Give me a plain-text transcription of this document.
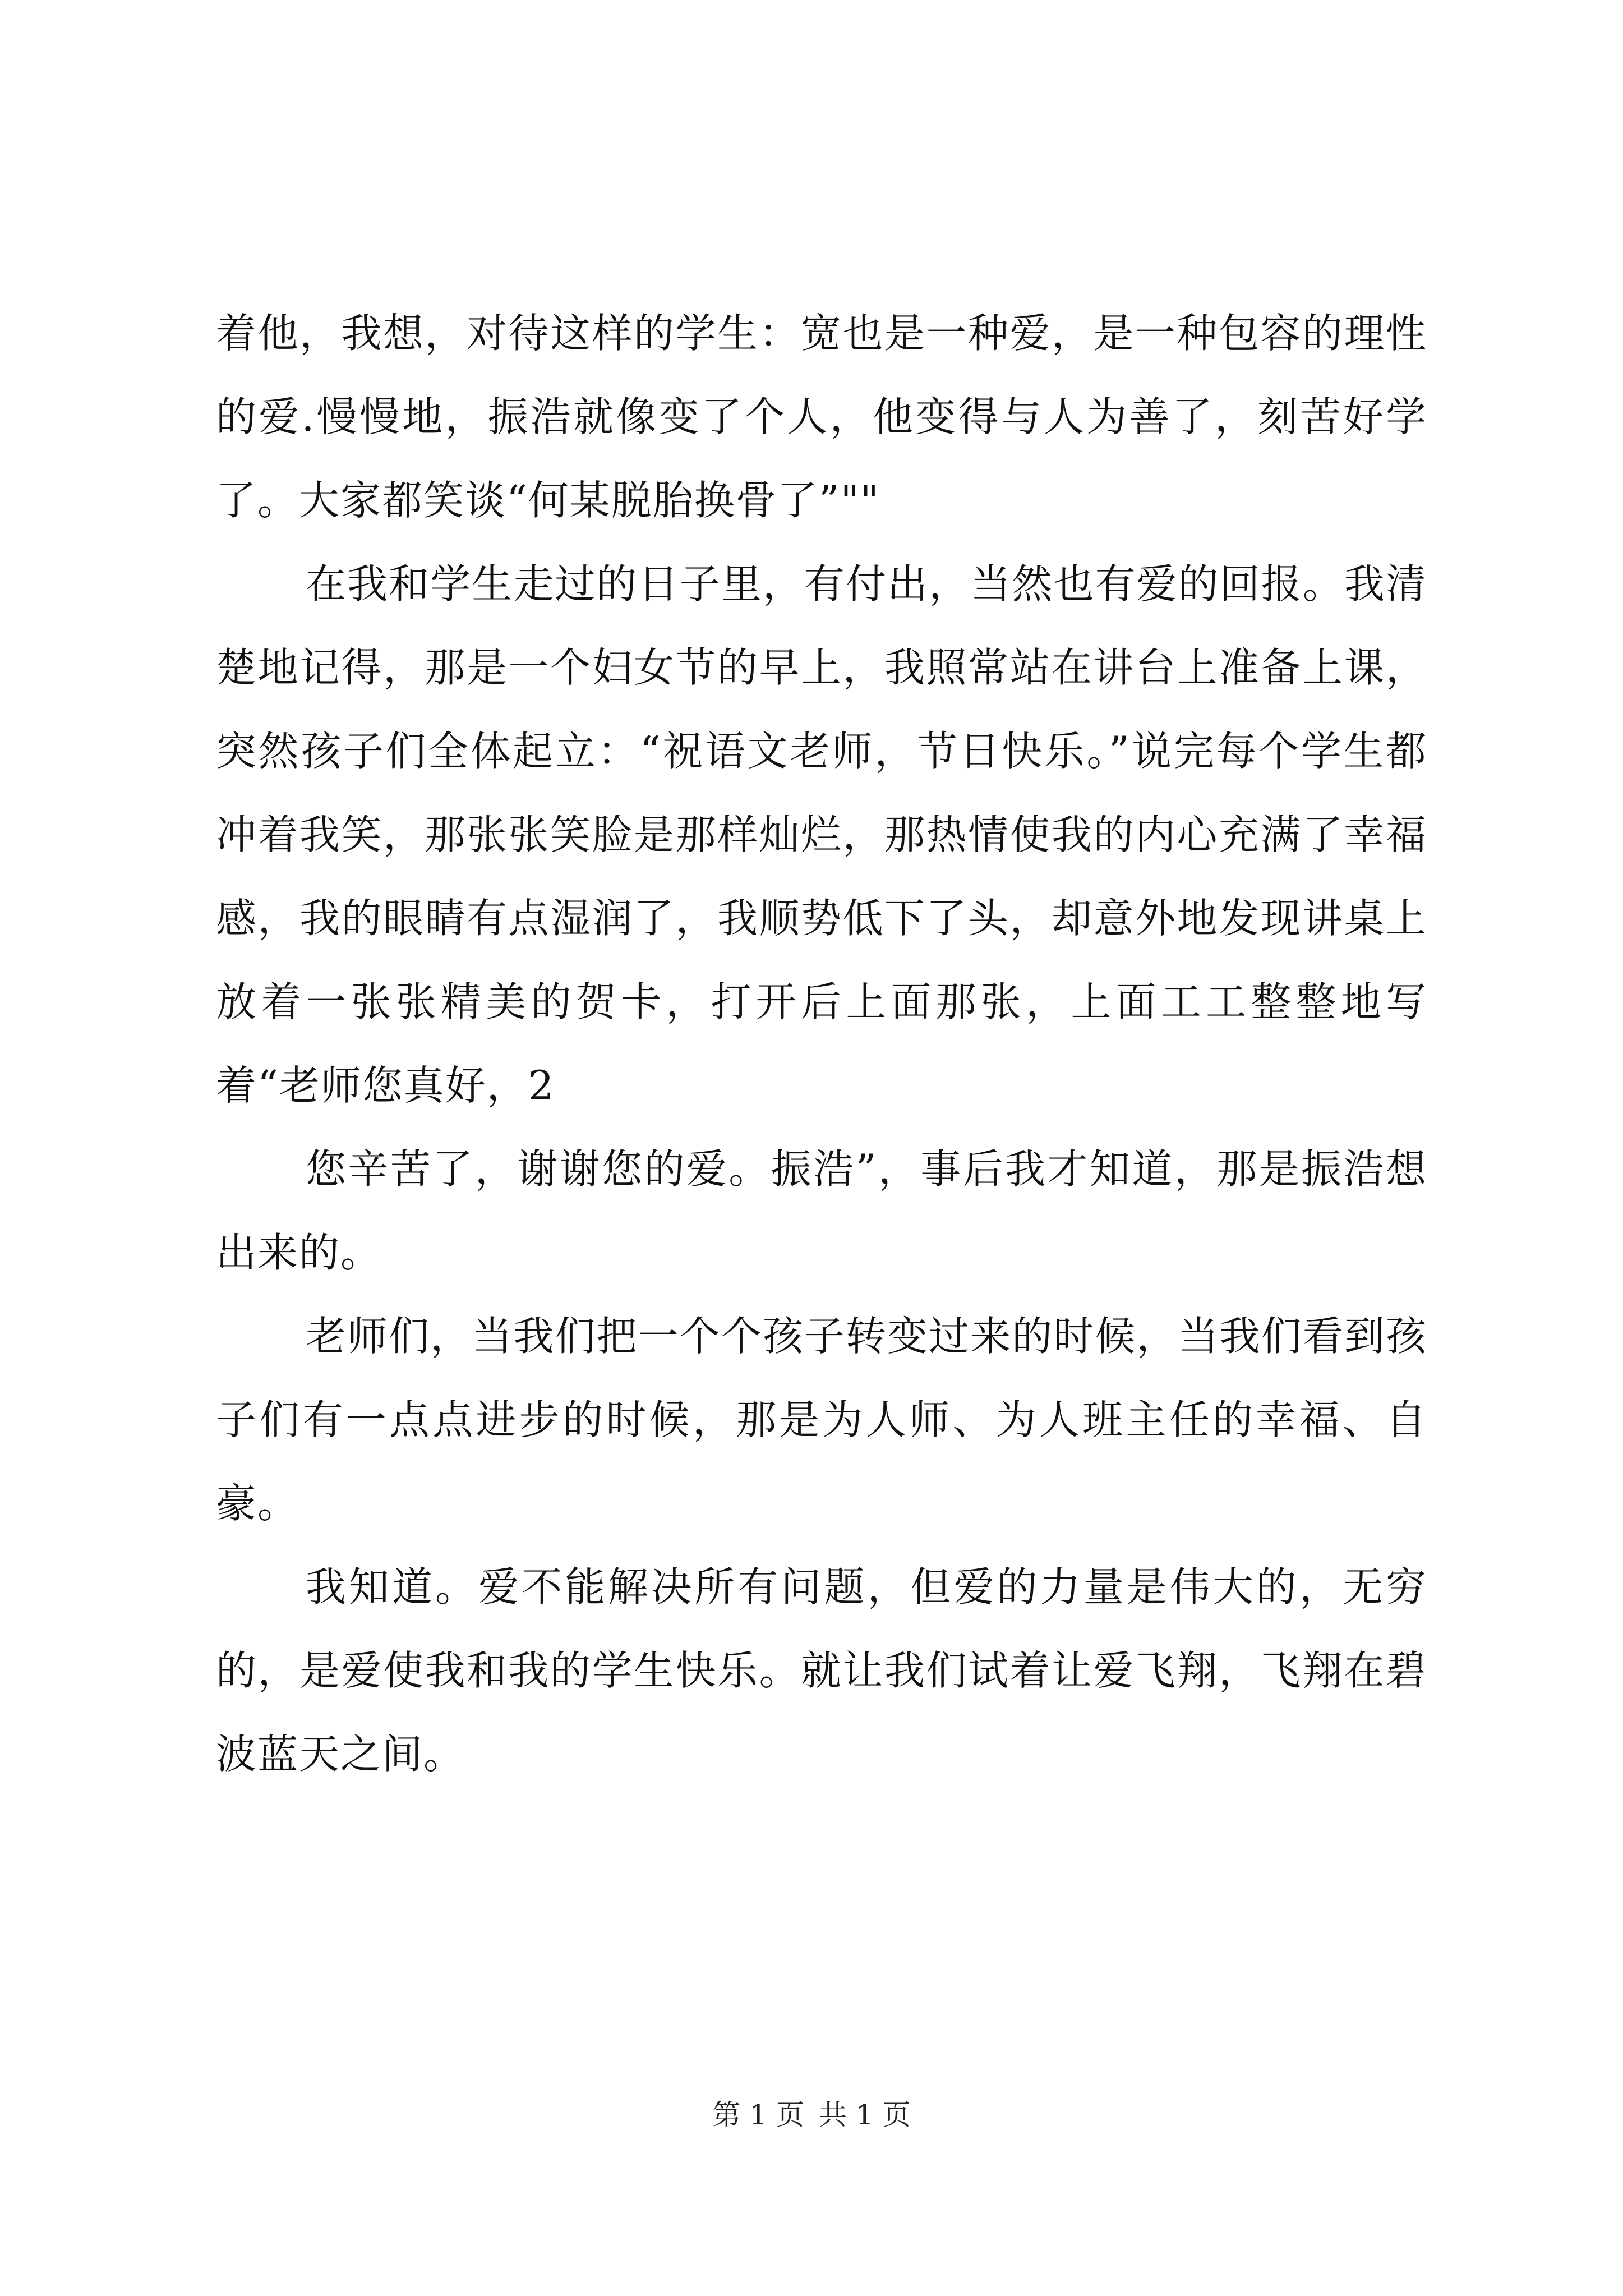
着他，我想，对待这样的学生：宽也是一种爱，是一种包容的理性的爱.慢慢地，振浩就像变了个人，他变得与人为善了，刻苦好学了。大家都笑谈“何某脱胎换骨了”""

在我和学生走过的日子里，有付出，当然也有爱的回报。我清楚地记得，那是一个妇女节的早上，我照常站在讲台上准备上课，突然孩子们全体起立：“祝语文老师，节日快乐。”说完每个学生都冲着我笑，那张张笑脸是那样灿烂，那热情使我的内心充满了幸福感，我的眼睛有点湿润了，我顺势低下了头，却意外地发现讲桌上放着一张张精美的贺卡，打开后上面那张，上面工工整整地写着“老师您真好，2

您辛苦了，谢谢您的爱。振浩”，事后我才知道，那是振浩想出来的。

老师们，当我们把一个个孩子转变过来的时候，当我们看到孩子们有一点点进步的时候，那是为人师、为人班主任的幸福、自豪。

我知道。爱不能解决所有问题，但爱的力量是伟大的，无穷的，是爱使我和我的学生快乐。就让我们试着让爱飞翔，飞翔在碧波蓝天之间。

第 1 页 共 1 页
